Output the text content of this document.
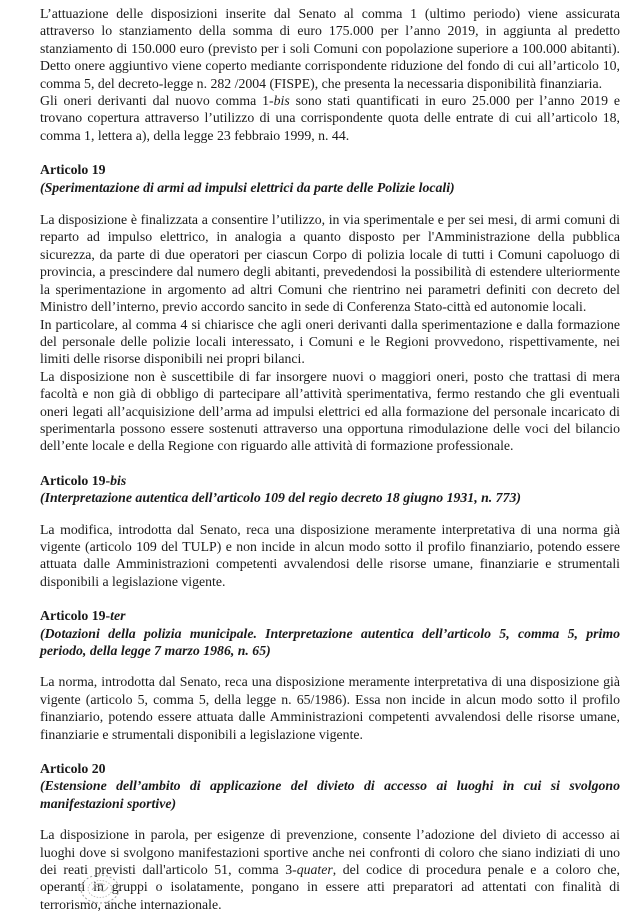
L’attuazione delle disposizioni inserite dal Senato al comma 1 (ultimo periodo) viene assicurata attraverso lo stanziamento della somma di euro 175.000 per l’anno 2019, in aggiunta al predetto stanziamento di 150.000 euro (previsto per i soli Comuni con popolazione superiore a 100.000 abitanti). Detto onere aggiuntivo viene coperto mediante corrispondente riduzione del fondo di cui all’articolo 10, comma 5, del decreto-legge n. 282 /2004 (FISPE), che presenta la necessaria disponibilità finanziaria.

Gli oneri derivanti dal nuovo comma 1-bis sono stati quantificati in euro 25.000 per l’anno 2019 e trovano copertura attraverso l’utilizzo di una corrispondente quota delle entrate di cui all’articolo 18, comma 1, lettera a), della legge 23 febbraio 1999, n. 44.

Articolo 19
(Sperimentazione di armi ad impulsi elettrici da parte delle Polizie locali)

La disposizione è finalizzata a consentire l’utilizzo, in via sperimentale e per sei mesi, di armi comuni di reparto ad impulso elettrico, in analogia a quanto disposto per l'Amministrazione della pubblica sicurezza, da parte di due operatori per ciascun Corpo di polizia locale di tutti i Comuni capoluogo di provincia, a prescindere dal numero degli abitanti, prevedendosi la possibilità di estendere ulteriormente la sperimentazione in argomento ad altri Comuni che rientrino nei parametri definiti con decreto del Ministro dell’interno, previo accordo sancito in sede di Conferenza Stato-città ed autonomie locali.

In particolare, al comma 4 si chiarisce che agli oneri derivanti dalla sperimentazione e dalla formazione del personale delle polizie locali interessato, i Comuni e le Regioni provvedono, rispettivamente, nei limiti delle risorse disponibili nei propri bilanci.

La disposizione non è suscettibile di far insorgere nuovi o maggiori oneri, posto che trattasi di mera facoltà e non già di obbligo di partecipare all’attività sperimentativa, fermo restando che gli eventuali oneri legati all’acquisizione dell’arma ad impulsi elettrici ed alla formazione del personale incaricato di sperimentarla possono essere sostenuti attraverso una opportuna rimodulazione delle voci del bilancio dell’ente locale e della Regione con riguardo alle attività di formazione professionale.

Articolo 19-bis
(Interpretazione autentica dell’articolo 109 del regio decreto 18 giugno 1931, n. 773)

La modifica, introdotta dal Senato, reca una disposizione meramente interpretativa di una norma già vigente (articolo 109 del TULP) e non incide in alcun modo sotto il profilo finanziario, potendo essere attuata dalle Amministrazioni competenti avvalendosi delle risorse umane, finanziarie e strumentali disponibili a legislazione vigente.

Articolo 19-ter
(Dotazioni della polizia municipale. Interpretazione autentica dell’articolo 5, comma 5, primo periodo, della legge 7 marzo 1986, n. 65)

La norma, introdotta dal Senato, reca una disposizione meramente interpretativa di una disposizione già vigente (articolo 5, comma 5, della legge n. 65/1986). Essa non incide in alcun modo sotto il profilo finanziario, potendo essere attuata dalle Amministrazioni competenti avvalendosi delle risorse umane, finanziarie e strumentali disponibili a legislazione vigente.

Articolo 20
(Estensione dell’ambito di applicazione del divieto di accesso ai luoghi in cui si svolgono manifestazioni sportive)

La disposizione in parola, per esigenze di prevenzione, consente l’adozione del divieto di accesso ai luoghi dove si svolgono manifestazioni sportive anche nei confronti di coloro che siano indiziati di uno dei reati previsti dall'articolo 51, comma 3-quater, del codice di procedura penale e a coloro che, operanti in gruppi o isolatamente, pongano in essere atti preparatori ad attentati con finalità di terrorismo, anche internazionale.
